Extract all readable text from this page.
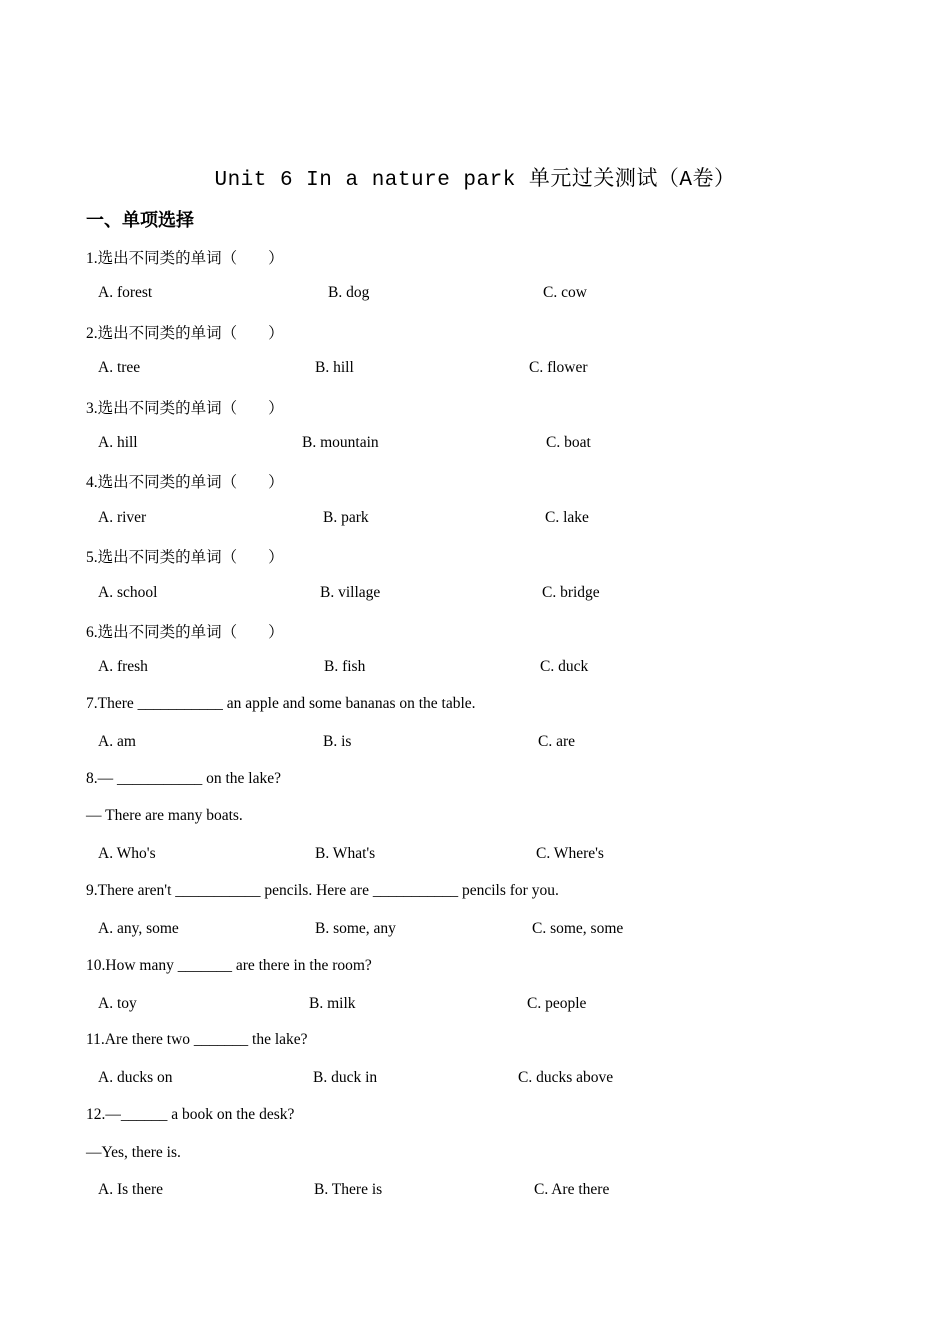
Unit 6 In a nature park 单元过关测试（A卷）
一、单项选择
1.选出不同类的单词（　　）
A. forest	B. dog	C. cow
2.选出不同类的单词（　　）
A. tree	B. hill	C. flower
3.选出不同类的单词（　　）
A. hill	B. mountain	C. boat
4.选出不同类的单词（　　）
A. river	B. park	C. lake
5.选出不同类的单词（　　）
A. school	B. village	C. bridge
6.选出不同类的单词（　　）
A. fresh	B. fish	C. duck
7.There ___________ an apple and some bananas on the table.
A. am	B. is	C. are
8.— ___________ on the lake?
— There are many boats.
A. Who's	B. What's	C. Where's
9.There aren't ___________ pencils. Here are ___________ pencils for you.
A. any, some	B. some, any	C. some, some
10.How many _______ are there in the room?
A. toy	B. milk	C. people
11.Are there two _______ the lake?
A. ducks on	B. duck in	C. ducks above
12.—______ a book on the desk?
—Yes, there is.
A. Is there	B. There is	C. Are there
